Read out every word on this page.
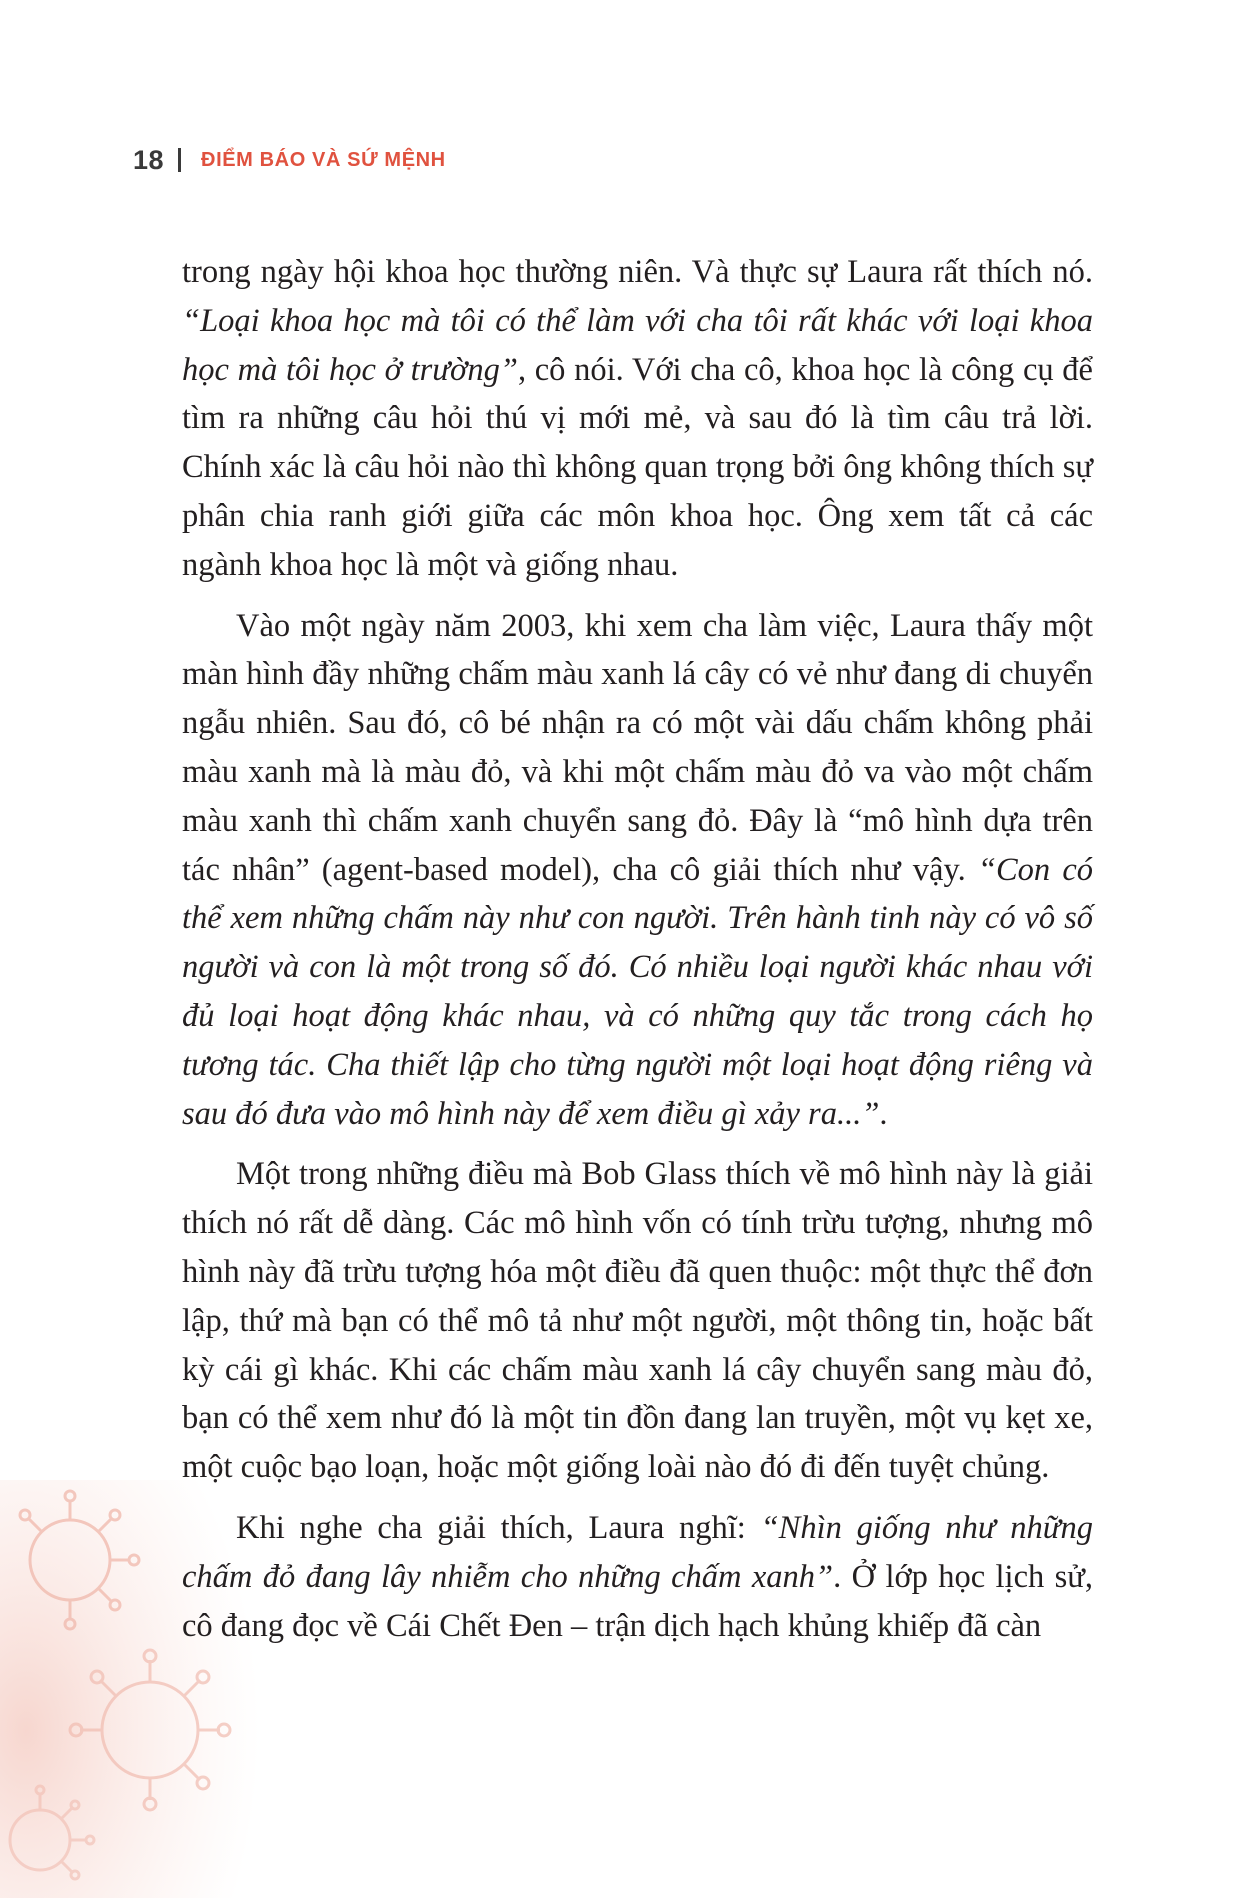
18 ĐIỂM BÁO VÀ SỨ MỆNH

trong ngày hội khoa học thường niên. Và thực sự Laura rất thích nó. “Loại khoa học mà tôi có thể làm với cha tôi rất khác với loại khoa học mà tôi học ở trường”, cô nói. Với cha cô, khoa học là công cụ để tìm ra những câu hỏi thú vị mới mẻ, và sau đó là tìm câu trả lời. Chính xác là câu hỏi nào thì không quan trọng bởi ông không thích sự phân chia ranh giới giữa các môn khoa học. Ông xem tất cả các ngành khoa học là một và giống nhau.

Vào một ngày năm 2003, khi xem cha làm việc, Laura thấy một màn hình đầy những chấm màu xanh lá cây có vẻ như đang di chuyển ngẫu nhiên. Sau đó, cô bé nhận ra có một vài dấu chấm không phải màu xanh mà là màu đỏ, và khi một chấm màu đỏ va vào một chấm màu xanh thì chấm xanh chuyển sang đỏ. Đây là “mô hình dựa trên tác nhân” (agent-based model), cha cô giải thích như vậy. “Con có thể xem những chấm này như con người. Trên hành tinh này có vô số người và con là một trong số đó. Có nhiều loại người khác nhau với đủ loại hoạt động khác nhau, và có những quy tắc trong cách họ tương tác. Cha thiết lập cho từng người một loại hoạt động riêng và sau đó đưa vào mô hình này để xem điều gì xảy ra...”.

Một trong những điều mà Bob Glass thích về mô hình này là giải thích nó rất dễ dàng. Các mô hình vốn có tính trừu tượng, nhưng mô hình này đã trừu tượng hóa một điều đã quen thuộc: một thực thể đơn lập, thứ mà bạn có thể mô tả như một người, một thông tin, hoặc bất kỳ cái gì khác. Khi các chấm màu xanh lá cây chuyển sang màu đỏ, bạn có thể xem như đó là một tin đồn đang lan truyền, một vụ kẹt xe, một cuộc bạo loạn, hoặc một giống loài nào đó đi đến tuyệt chủng.

Khi nghe cha giải thích, Laura nghĩ: “Nhìn giống như những chấm đỏ đang lây nhiễm cho những chấm xanh”. Ở lớp học lịch sử, cô đang đọc về Cái Chết Đen – trận dịch hạch khủng khiếp đã càn
